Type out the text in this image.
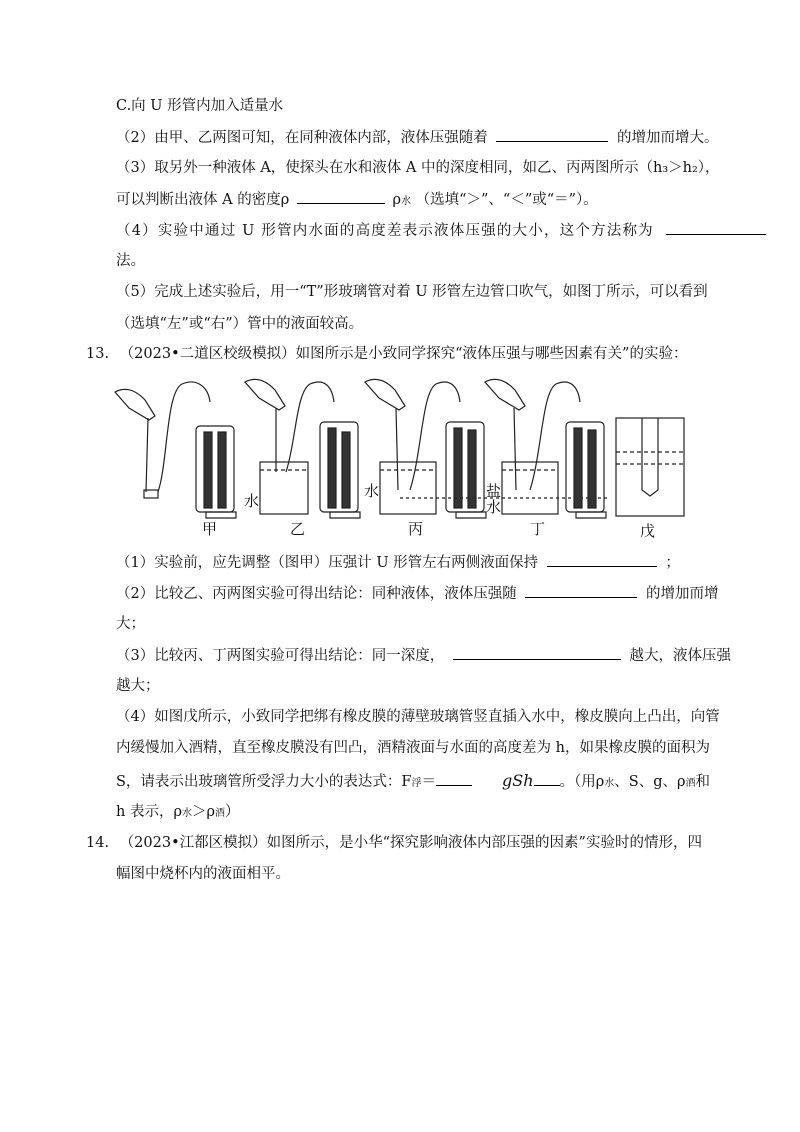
C.向 U 形管内加入适量水
（2）由甲、乙两图可知，在同种液体内部，液体压强随着	的增加而增大。
（3）取另外一种液体 A，使探头在水和液体 A 中的深度相同，如乙、丙两图所示（h₃＞h₂），
可以判断出液体 A 的密度ρ	ρ水 （选填“＞”、“＜”或“＝”）。
（4）实验中通过 U 形管内水面的高度差表示液体压强的大小，这个方法称为
法。
（5）完成上述实验后，用一“T”形玻璃管对着 U 形管左边管口吹气，如图丁所示，可以看到
（选填“左”或“右”）管中的液面较高。
13. （2023•二道区校级模拟）如图所示是小致同学探究“液体压强与哪些因素有关”的实验：
甲	乙	丙	丁	戊
水
水	盐
水
（1）实验前，应先调整（图甲）压强计 U 形管左右两侧液面保持	；
（2）比较乙、丙两图实验可得出结论：同种液体，液体压强随	的增加而增
大；
（3）比较丙、丁两图实验可得出结论：同一深度，	越大，液体压强
越大；
（4）如图戊所示，小致同学把绑有橡皮膜的薄壁玻璃管竖直插入水中，橡皮膜向上凸出，向管
内缓慢加入酒精，直至橡皮膜没有凹凸，酒精液面与水面的高度差为 h，如果橡皮膜的面积为
S，请表示出玻璃管所受浮力大小的表达式：F浮＝	gSh 。（用ρ水、S、g、ρ酒和
h 表示，ρ水＞ρ酒）
14. （2023•江都区模拟）如图所示，是小华“探究影响液体内部压强的因素”实验时的情形，四
幅图中烧杯内的液面相平。
